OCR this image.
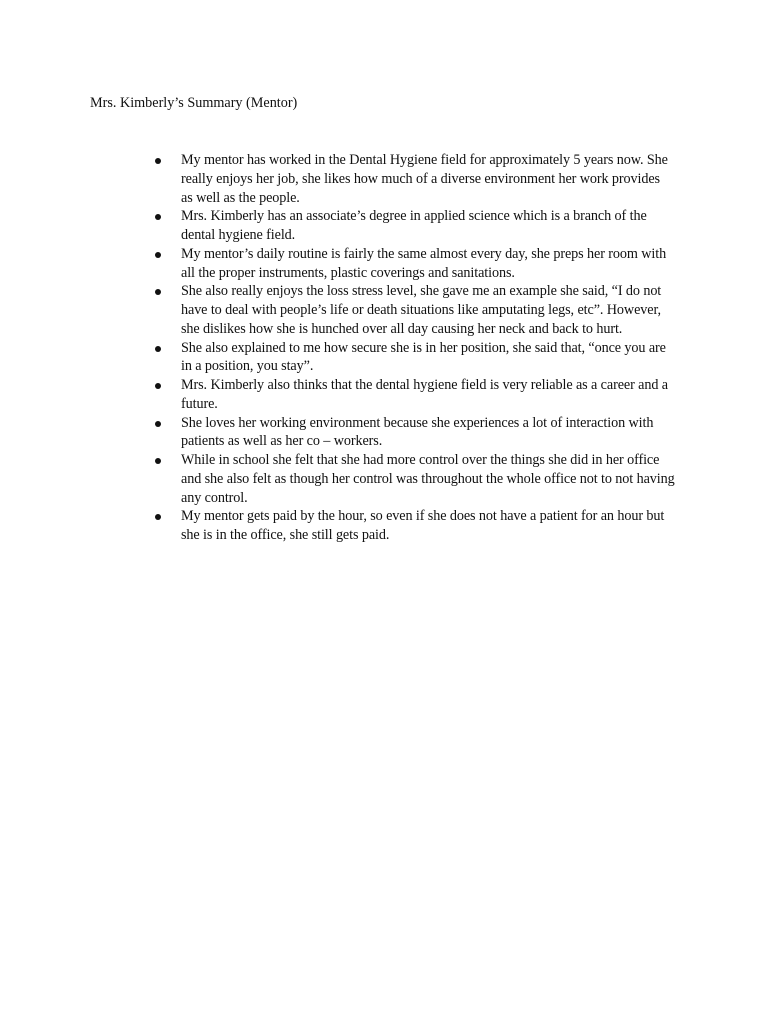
Mrs. Kimberly’s Summary (Mentor)
My mentor has worked in the Dental Hygiene field for approximately 5 years now. She really enjoys her job, she likes how much of a diverse environment her work provides as well as the people.
Mrs. Kimberly has an associate’s degree in applied science which is a branch of the dental hygiene field.
My mentor’s daily routine is fairly the same almost every day, she preps her room with all the proper instruments, plastic coverings and sanitations.
She also really enjoys the loss stress level, she gave me an example she said, “I do not have to deal with people’s life or death situations like amputating legs, etc”. However, she dislikes how she is hunched over all day causing her neck and back to hurt.
She also explained to me how secure she is in her position, she said that, “once you are in a position, you stay”.
Mrs. Kimberly also thinks that the dental hygiene field is very reliable as a career and a future.
She loves her working environment because she experiences a lot of interaction with patients as well as her co – workers.
While in school she felt that she had more control over the things she did in her office and she also felt as though her control was throughout the whole office not to not having any control.
My mentor gets paid by the hour, so even if she does not have a patient for an hour but she is in the office, she still gets paid.
